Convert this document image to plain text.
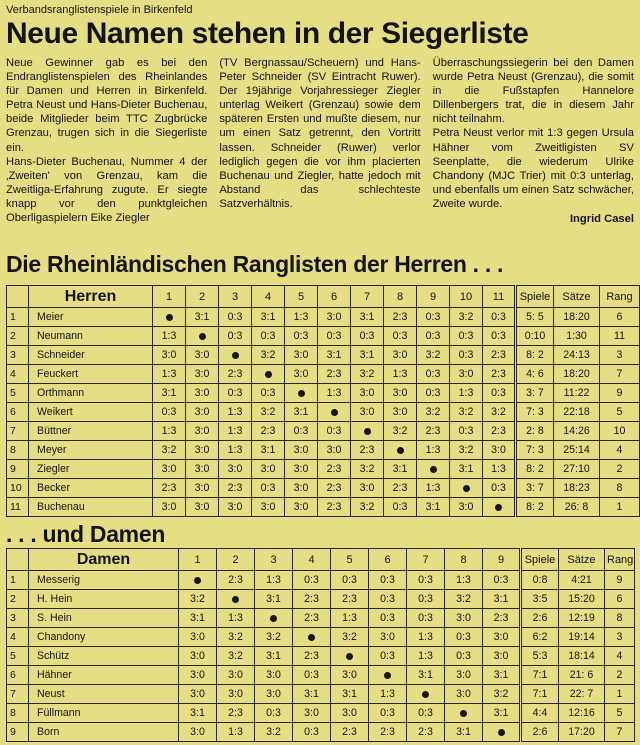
Verbandsranglistenspiele in Birkenfeld
Neue Namen stehen in der Siegerliste

Neue Gewinner gab es bei den Endranglistenspielen des Rheinlandes für Damen und Herren in Birkenfeld. Petra Neust und Hans-Dieter Buchenau, beide Mitglieder beim TTC Zugbrücke Grenzau, trugen sich in die Siegerliste ein.

Hans-Dieter Buchenau, Nummer 4 der ‚Zweiten' von Grenzau, kam die Zweitliga-Erfahrung zugute. Er siegte knapp vor den punktgleichen Oberligaspielern Eike Ziegler

(TV Bergnassau/Scheuern) und Hans-Peter Schneider (SV Eintracht Ruwer). Der 19jährige Vorjahressieger Ziegler unterlag Weikert (Grenzau) sowie dem späteren Ersten und mußte diesem, nur um einen Satz getrennt, den Vortritt lassen. Schneider (Ruwer) verlor lediglich gegen die vor ihm placierten Buchenau und Ziegler, hatte jedoch mit Abstand das schlechteste Satzverhältnis.

Überraschungssiegerin bei den Damen wurde Petra Neust (Grenzau), die somit in die Fußstapfen Hannelore Dillenbergers trat, die in diesem Jahr nicht teilnahm.

Petra Neust verlor mit 1:3 gegen Ursula Hähner vom Zweitligisten SV Seenplatte, die wiederum Ulrike Chandony (MJC Trier) mit 0:3 unterlag, und ebenfalls um einen Satz schwächer, Zweite wurde.

Ingrid Casel
Die Rheinländischen Ranglisten der Herren . . .
	Herren	1	2	3	4	5	6	7	8	9	10	11	Spiele	Sätze	Rang
1	Meier		3:1	0:3	3:1	1:3	3:0	3:1	2:3	0:3	3:2	0:3	5: 5	18:20	6
2	Neumann	1:3		0:3	0:3	0:3	0:3	0:3	0:3	0:3	0:3	0:3	0:10	1:30	11
3	Schneider	3:0	3:0		3:2	3:0	3:1	3:1	3:0	3:2	0:3	2:3	8: 2	24:13	3
4	Feuckert	1:3	3:0	2:3		3:0	2:3	3:2	1:3	0:3	3:0	2:3	4: 6	18:20	7
5	Orthmann	3:1	3:0	0:3	0:3		1:3	3:0	3:0	0:3	1:3	0:3	3: 7	11:22	9
6	Weikert	0:3	3:0	1:3	3:2	3:1		3:0	3:0	3:2	3:2	3:2	7: 3	22:18	5
7	Büttner	1:3	3:0	1:3	2:3	0:3	0:3		3:2	2:3	0:3	2:3	2: 8	14:26	10
8	Meyer	3:2	3:0	1:3	3:1	3:0	3:0	2:3		1:3	3:2	3:0	7: 3	25:14	4
9	Ziegler	3:0	3:0	3:0	3:0	3:0	2:3	3:2	3:1		3:1	1:3	8: 2	27:10	2
10	Becker	2:3	3:0	2:3	0:3	3:0	2:3	3:0	2:3	1:3		0:3	3: 7	18:23	8
11	Buchenau	3:0	3:0	3:0	3:0	3:0	2:3	3:2	0:3	3:1	3:0		8: 2	26: 8	1
. . . und Damen
	Damen	1	2	3	4	5	6	7	8	9	Spiele	Sätze	Rang
1	Messerig		2:3	1:3	0:3	0:3	0:3	0:3	1:3	0:3	0:8	4:21	9
2	H. Hein	3:2		3:1	2:3	2:3	0:3	0:3	3:2	3:1	3:5	15:20	6
3	S. Hein	3:1	1:3		2:3	1:3	0:3	0:3	3:0	2:3	2:6	12:19	8
4	Chandony	3:0	3:2	3:2		3:2	3:0	1:3	0:3	3:0	6:2	19:14	3
5	Schütz	3:0	3:2	3:1	2:3		0:3	1:3	0:3	3:0	5:3	18:14	4
6	Hähner	3:0	3:0	3:0	0:3	3:0		3:1	3:0	3:1	7:1	21: 6	2
7	Neust	3:0	3:0	3:0	3:1	3:1	1:3		3:0	3:2	7:1	22: 7	1
8	Füllmann	3:1	2:3	0:3	3:0	3:0	0:3	0:3		3:1	4:4	12:16	5
9	Born	3:0	1:3	3:2	0:3	2:3	2:3	2:3	3:1		2:6	17:20	7
